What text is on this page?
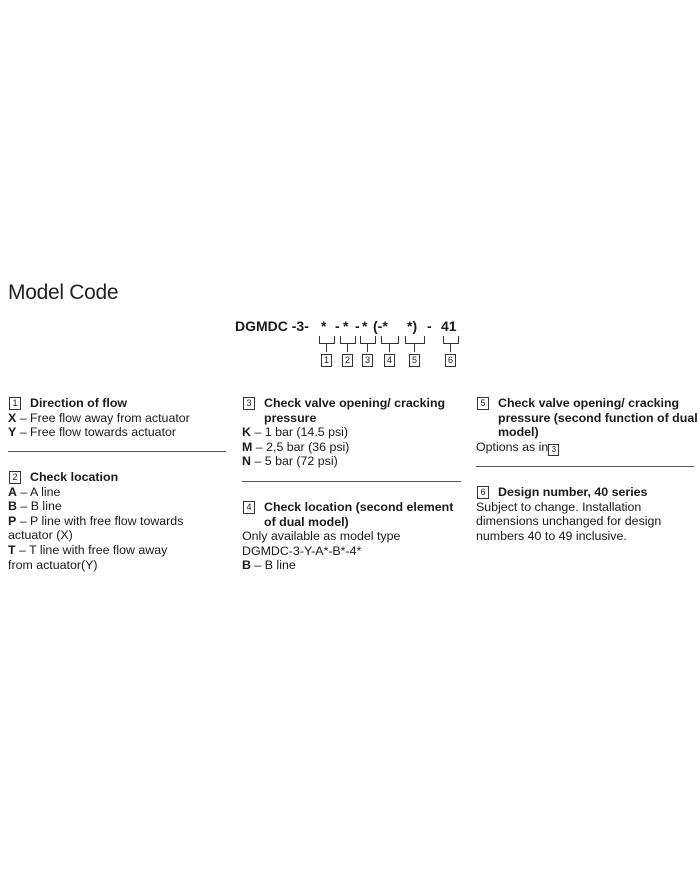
Model Code

DGMDC -3-

*

-

*

-

*

(-*

*)

-

41

1	2	3	4	5	6
1 Direction of flow
X – Free flow away from actuator
Y – Free flow towards actuator
2 Check location
A – A line
B – B line
P – P line with free flow towards
actuator (X)
T – T line with free flow away
from actuator(Y)
3 Check valve opening/ cracking
pressure
K – 1 bar (14.5 psi)
M – 2,5 bar (36 psi)
N – 5 bar (72 psi)
4 Check location (second element
of dual model)
Only available as model type
DGMDC-3-Y-A*-B*-4*
B – B line
5 Check valve opening/ cracking
pressure (second function of dual
model)
Options as in 3
6 Design number, 40 series
Subject to change. Installation
dimensions unchanged for design
numbers 40 to 49 inclusive.
